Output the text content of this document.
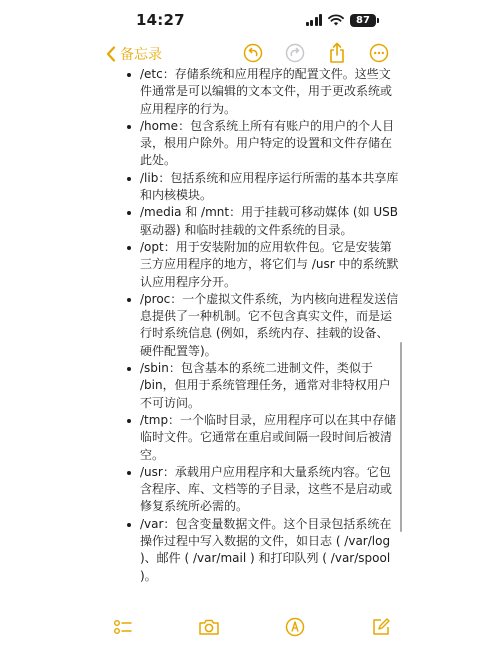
14:27	87
备忘录
/etc：存储系统和应用程序的配置文件。这些文件通常是可以编辑的文本文件，用于更改系统或应用程序的行为。
/home：包含系统上所有有账户的用户的个人目录，根用户除外。用户特定的设置和文件存储在此处。
/lib：包括系统和应用程序运行所需的基本共享库和内核模块。
/media 和 /mnt：用于挂载可移动媒体 (如 USB 驱动器) 和临时挂载的文件系统的目录。
/opt：用于安装附加的应用软件包。它是安装第三方应用程序的地方，将它们与 /usr 中的系统默认应用程序分开。
/proc：一个虚拟文件系统，为内核向进程发送信息提供了一种机制。它不包含真实文件，而是运行时系统信息 (例如，系统内存、挂载的设备、硬件配置等)。
/sbin：包含基本的系统二进制文件，类似于 /bin，但用于系统管理任务，通常对非特权用户不可访问。
/tmp：一个临时目录，应用程序可以在其中存储临时文件。它通常在重启或间隔一段时间后被清空。
/usr：承载用户应用程序和大量系统内容。它包含程序、库、文档等的子目录，这些不是启动或修复系统所必需的。
/var：包含变量数据文件。这个目录包括系统在操作过程中写入数据的文件，如日志 ( /var/log )、邮件 ( /var/mail ) 和打印队列 ( /var/spool )。
